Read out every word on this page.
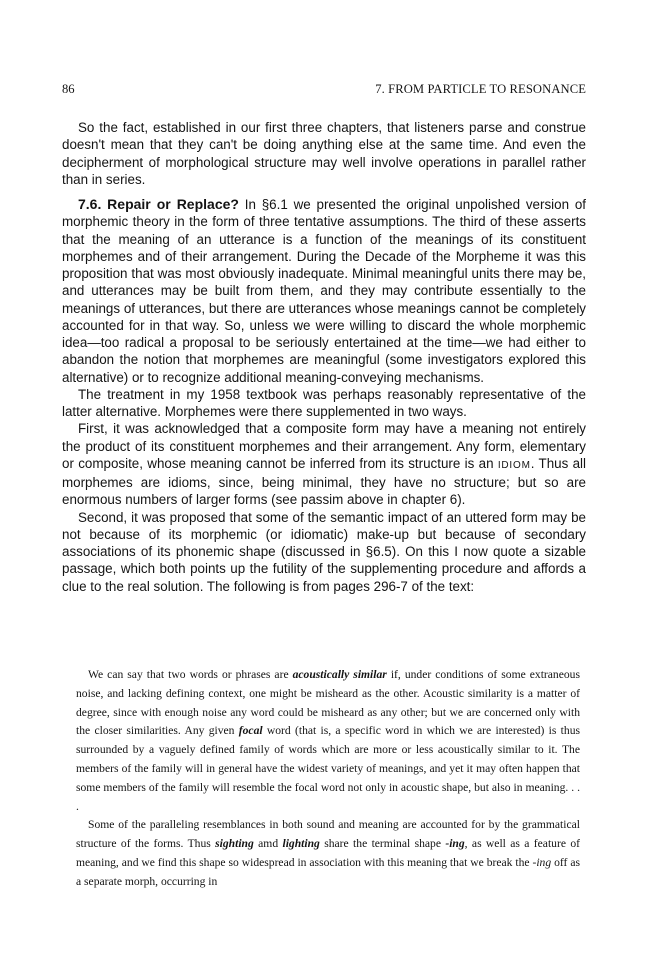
86	7. FROM PARTICLE TO RESONANCE

So the fact, established in our first three chapters, that listeners parse and construe doesn't mean that they can't be doing anything else at the same time. And even the decipherment of morphological structure may well involve operations in parallel rather than in series.

7.6. Repair or Replace? In §6.1 we presented the original unpolished version of morphemic theory in the form of three tentative assumptions. The third of these asserts that the meaning of an utterance is a function of the meanings of its constituent morphemes and of their arrangement. During the Decade of the Morpheme it was this proposition that was most obviously inadequate. Minimal meaningful units there may be, and utterances may be built from them, and they may contribute essentially to the meanings of utterances, but there are utterances whose meanings cannot be completely accounted for in that way. So, unless we were willing to discard the whole morphemic idea—too radical a proposal to be seriously entertained at the time—we had either to abandon the notion that morphemes are meaningful (some investigators explored this alternative) or to recognize additional meaning-conveying mechanisms.

The treatment in my 1958 textbook was perhaps reasonably representative of the latter alternative. Morphemes were there supplemented in two ways.

First, it was acknowledged that a composite form may have a meaning not entirely the product of its constituent morphemes and their arrangement. Any form, elementary or composite, whose meaning cannot be inferred from its structure is an IDIOM. Thus all morphemes are idioms, since, being minimal, they have no structure; but so are enormous numbers of larger forms (see passim above in chapter 6).

Second, it was proposed that some of the semantic impact of an uttered form may be not because of its morphemic (or idiomatic) make-up but because of secondary associations of its phonemic shape (discussed in §6.5). On this I now quote a sizable passage, which both points up the futility of the supplementing procedure and affords a clue to the real solution. The following is from pages 296-7 of the text:

We can say that two words or phrases are acoustically similar if, under conditions of some extraneous noise, and lacking defining context, one might be misheard as the other. Acoustic similarity is a matter of degree, since with enough noise any word could be misheard as any other; but we are concerned only with the closer similarities. Any given focal word (that is, a specific word in which we are interested) is thus surrounded by a vaguely defined family of words which are more or less acoustically similar to it. The members of the family will in general have the widest variety of meanings, and yet it may often happen that some members of the family will resemble the focal word not only in acoustic shape, but also in meaning. . . .

Some of the paralleling resemblances in both sound and meaning are accounted for by the grammatical structure of the forms. Thus sighting amd lighting share the terminal shape -ing, as well as a feature of meaning, and we find this shape so widespread in association with this meaning that we break the -ing off as a separate morph, occurring in
